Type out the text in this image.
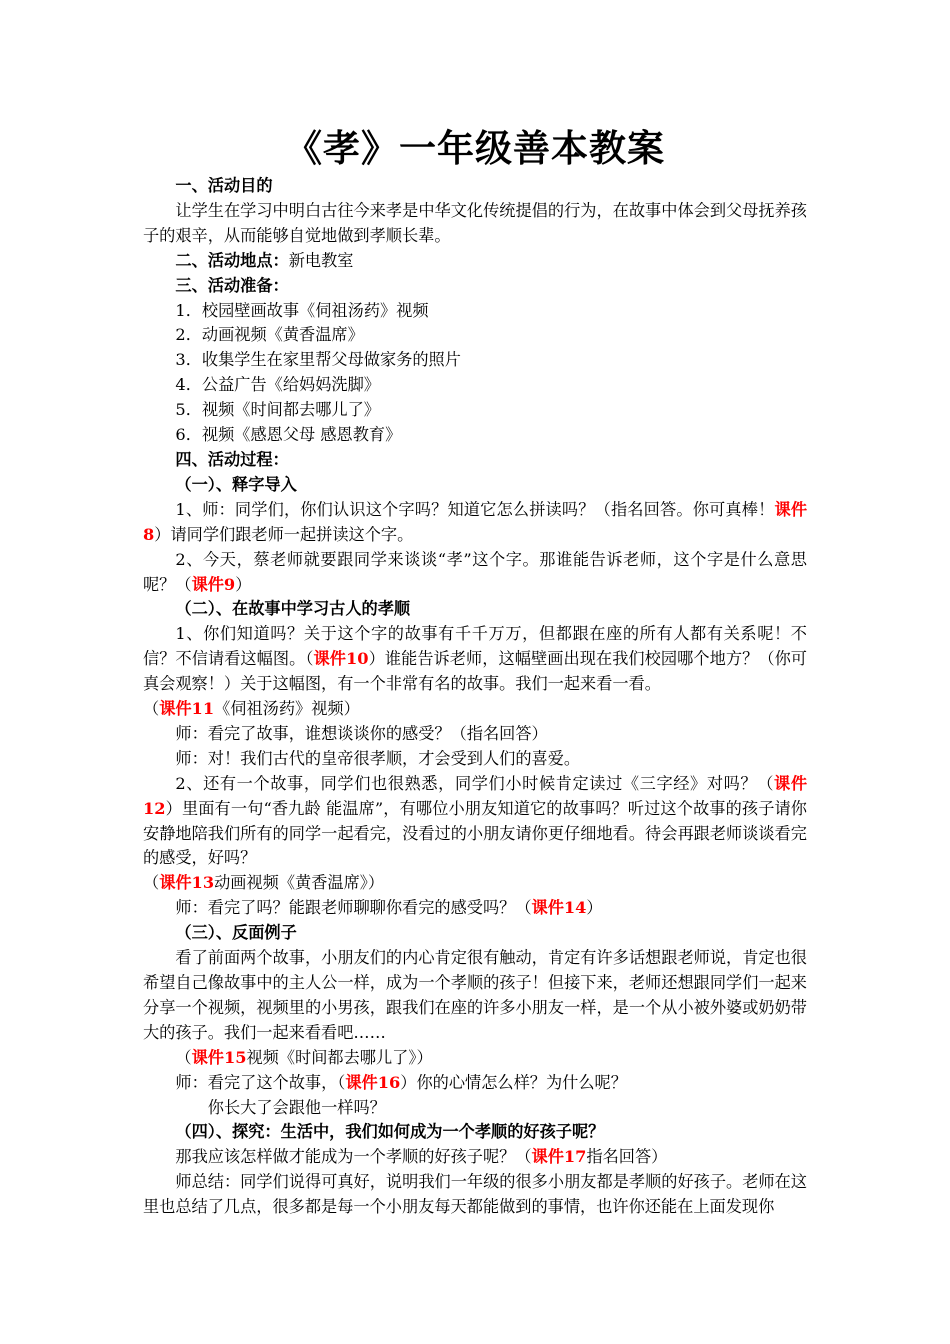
《孝》一年级善本教案

一、活动目的

让学生在学习中明白古往今来孝是中华文化传统提倡的行为，在故事中体会到父母抚养孩子的艰辛，从而能够自觉地做到孝顺长辈。

二、活动地点：新电教室

三、活动准备：

1．校园壁画故事《伺祖汤药》视频

2．动画视频《黄香温席》

3．收集学生在家里帮父母做家务的照片

4．公益广告《给妈妈洗脚》

5．视频《时间都去哪儿了》

6．视频《感恩父母 感恩教育》

四、活动过程：

（一）、释字导入

1、师：同学们，你们认识这个字吗？知道它怎么拼读吗？（指名回答。你可真棒！课件8）请同学们跟老师一起拼读这个字。

2、今天，蔡老师就要跟同学来谈谈“孝”这个字。那谁能告诉老师，这个字是什么意思呢？（课件9）

（二）、在故事中学习古人的孝顺

1、你们知道吗？关于这个字的故事有千千万万，但都跟在座的所有人都有关系呢！不信？不信请看这幅图。（课件10）谁能告诉老师，这幅壁画出现在我们校园哪个地方？（你可真会观察！）关于这幅图，有一个非常有名的故事。我们一起来看一看。

（课件11《伺祖汤药》视频）

师：看完了故事，谁想谈谈你的感受？（指名回答）

师：对！我们古代的皇帝很孝顺，才会受到人们的喜爱。

2、还有一个故事，同学们也很熟悉，同学们小时候肯定读过《三字经》对吗？（课件12）里面有一句“香九龄 能温席”，有哪位小朋友知道它的故事吗？听过这个故事的孩子请你安静地陪我们所有的同学一起看完，没看过的小朋友请你更仔细地看。待会再跟老师谈谈看完的感受，好吗？

（课件13动画视频《黄香温席》）

师：看完了吗？能跟老师聊聊你看完的感受吗？（课件14）

（三）、反面例子

看了前面两个故事，小朋友们的内心肯定很有触动，肯定有许多话想跟老师说，肯定也很希望自己像故事中的主人公一样，成为一个孝顺的孩子！但接下来，老师还想跟同学们一起来分享一个视频，视频里的小男孩，跟我们在座的许多小朋友一样，是一个从小被外婆或奶奶带大的孩子。我们一起来看看吧……

（课件15视频《时间都去哪儿了》）

师：看完了这个故事，（课件16）你的心情怎么样？为什么呢？

你长大了会跟他一样吗？

（四）、探究：生活中，我们如何成为一个孝顺的好孩子呢？

那我应该怎样做才能成为一个孝顺的好孩子呢？（课件17指名回答）

师总结：同学们说得可真好，说明我们一年级的很多小朋友都是孝顺的好孩子。老师在这里也总结了几点，很多都是每一个小朋友每天都能做到的事情，也许你还能在上面发现你
